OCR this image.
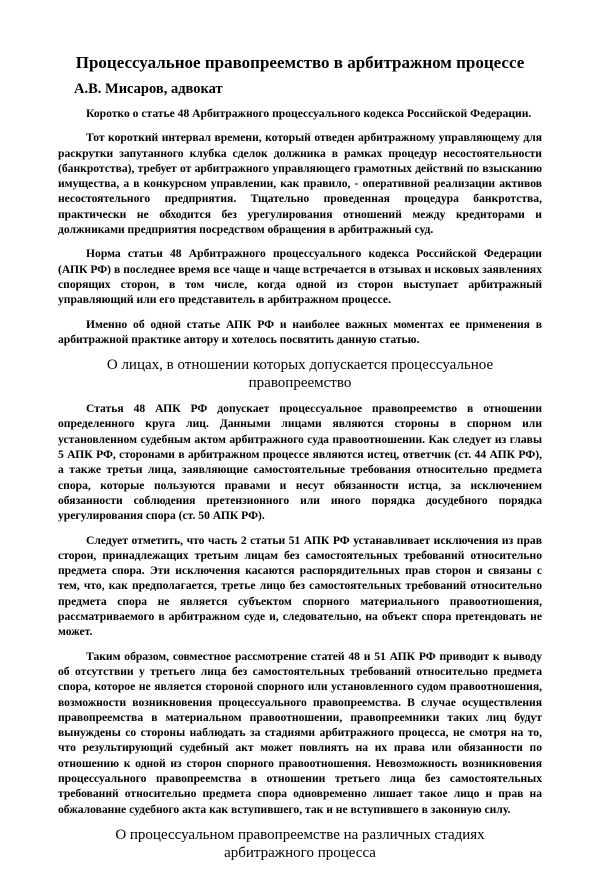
Процессуальное правопреемство в арбитражном процессе
А.В. Мисаров, адвокат

Коротко о статье 48 Арбитражного процессуального кодекса Российской Федерации.

Тот короткий интервал времени, который отведен арбитражному управляющему для раскрутки запутанного клубка сделок должника в рамках процедур несостоятельности (банкротства), требует от арбитражного управляющего грамотных действий по взысканию имущества, а в конкурсном управлении, как правило, - оперативной реализации активов несостоятельного предприятия. Тщательно проведенная процедура банкротства, практически не обходится без урегулирования отношений между кредиторами и должниками предприятия посредством обращения в арбитражный суд.

Норма статьи 48 Арбитражного процессуального кодекса Российской Федерации (АПК РФ) в последнее время все чаще и чаще встречается в отзывах и исковых заявлениях спорящих сторон, в том числе, когда одной из сторон выступает арбитражный управляющий или его представитель в арбитражном процессе.

Именно об одной статье АПК РФ и наиболее важных моментах ее применения в арбитражной практике автору и хотелось посвятить данную статью.

О лицах, в отношении которых допускается процессуальное правопреемство

Статья 48 АПК РФ допускает процессуальное правопреемство в отношении определенного круга лиц. Данными лицами являются стороны в спорном или установленном судебным актом арбитражного суда правоотношении. Как следует из главы 5 АПК РФ, сторонами в арбитражном процессе являются истец, ответчик (ст. 44 АПК РФ), а также третьи лица, заявляющие самостоятельные требования относительно предмета спора, которые пользуются правами и несут обязанности истца, за исключением обязанности соблюдения претензионного или иного порядка досудебного порядка урегулирования спора (ст. 50 АПК РФ).

Следует отметить, что часть 2 статьи 51 АПК РФ устанавливает исключения из прав сторон, принадлежащих третьим лицам без самостоятельных требований относительно предмета спора. Эти исключения касаются распорядительных прав сторон и связаны с тем, что, как предполагается, третье лицо без самостоятельных требований относительно предмета спора не является субъектом спорного материального правоотношения, рассматриваемого в арбитражном суде и, следовательно, на объект спора претендовать не может.

Таким образом, совместное рассмотрение статей 48 и 51 АПК РФ приводит к выводу об отсутствии у третьего лица без самостоятельных требований относительно предмета спора, которое не является стороной спорного или установленного судом правоотношения, возможности возникновения процессуального правопреемства. В случае осуществления правопреемства в материальном правоотношении, правопреемники таких лиц будут вынуждены со стороны наблюдать за стадиями арбитражного процесса, не смотря на то, что результирующий судебный акт может повлиять на их права или обязанности по отношению к одной из сторон спорного правоотношения. Невозможность возникновения процессуального правопреемства в отношении третьего лица без самостоятельных требований относительно предмета спора одновременно лишает такое лицо и прав на обжалование судебного акта как вступившего, так и не вступившего в законную силу.

О процессуальном правопреемстве на различных стадиях арбитражного процесса
